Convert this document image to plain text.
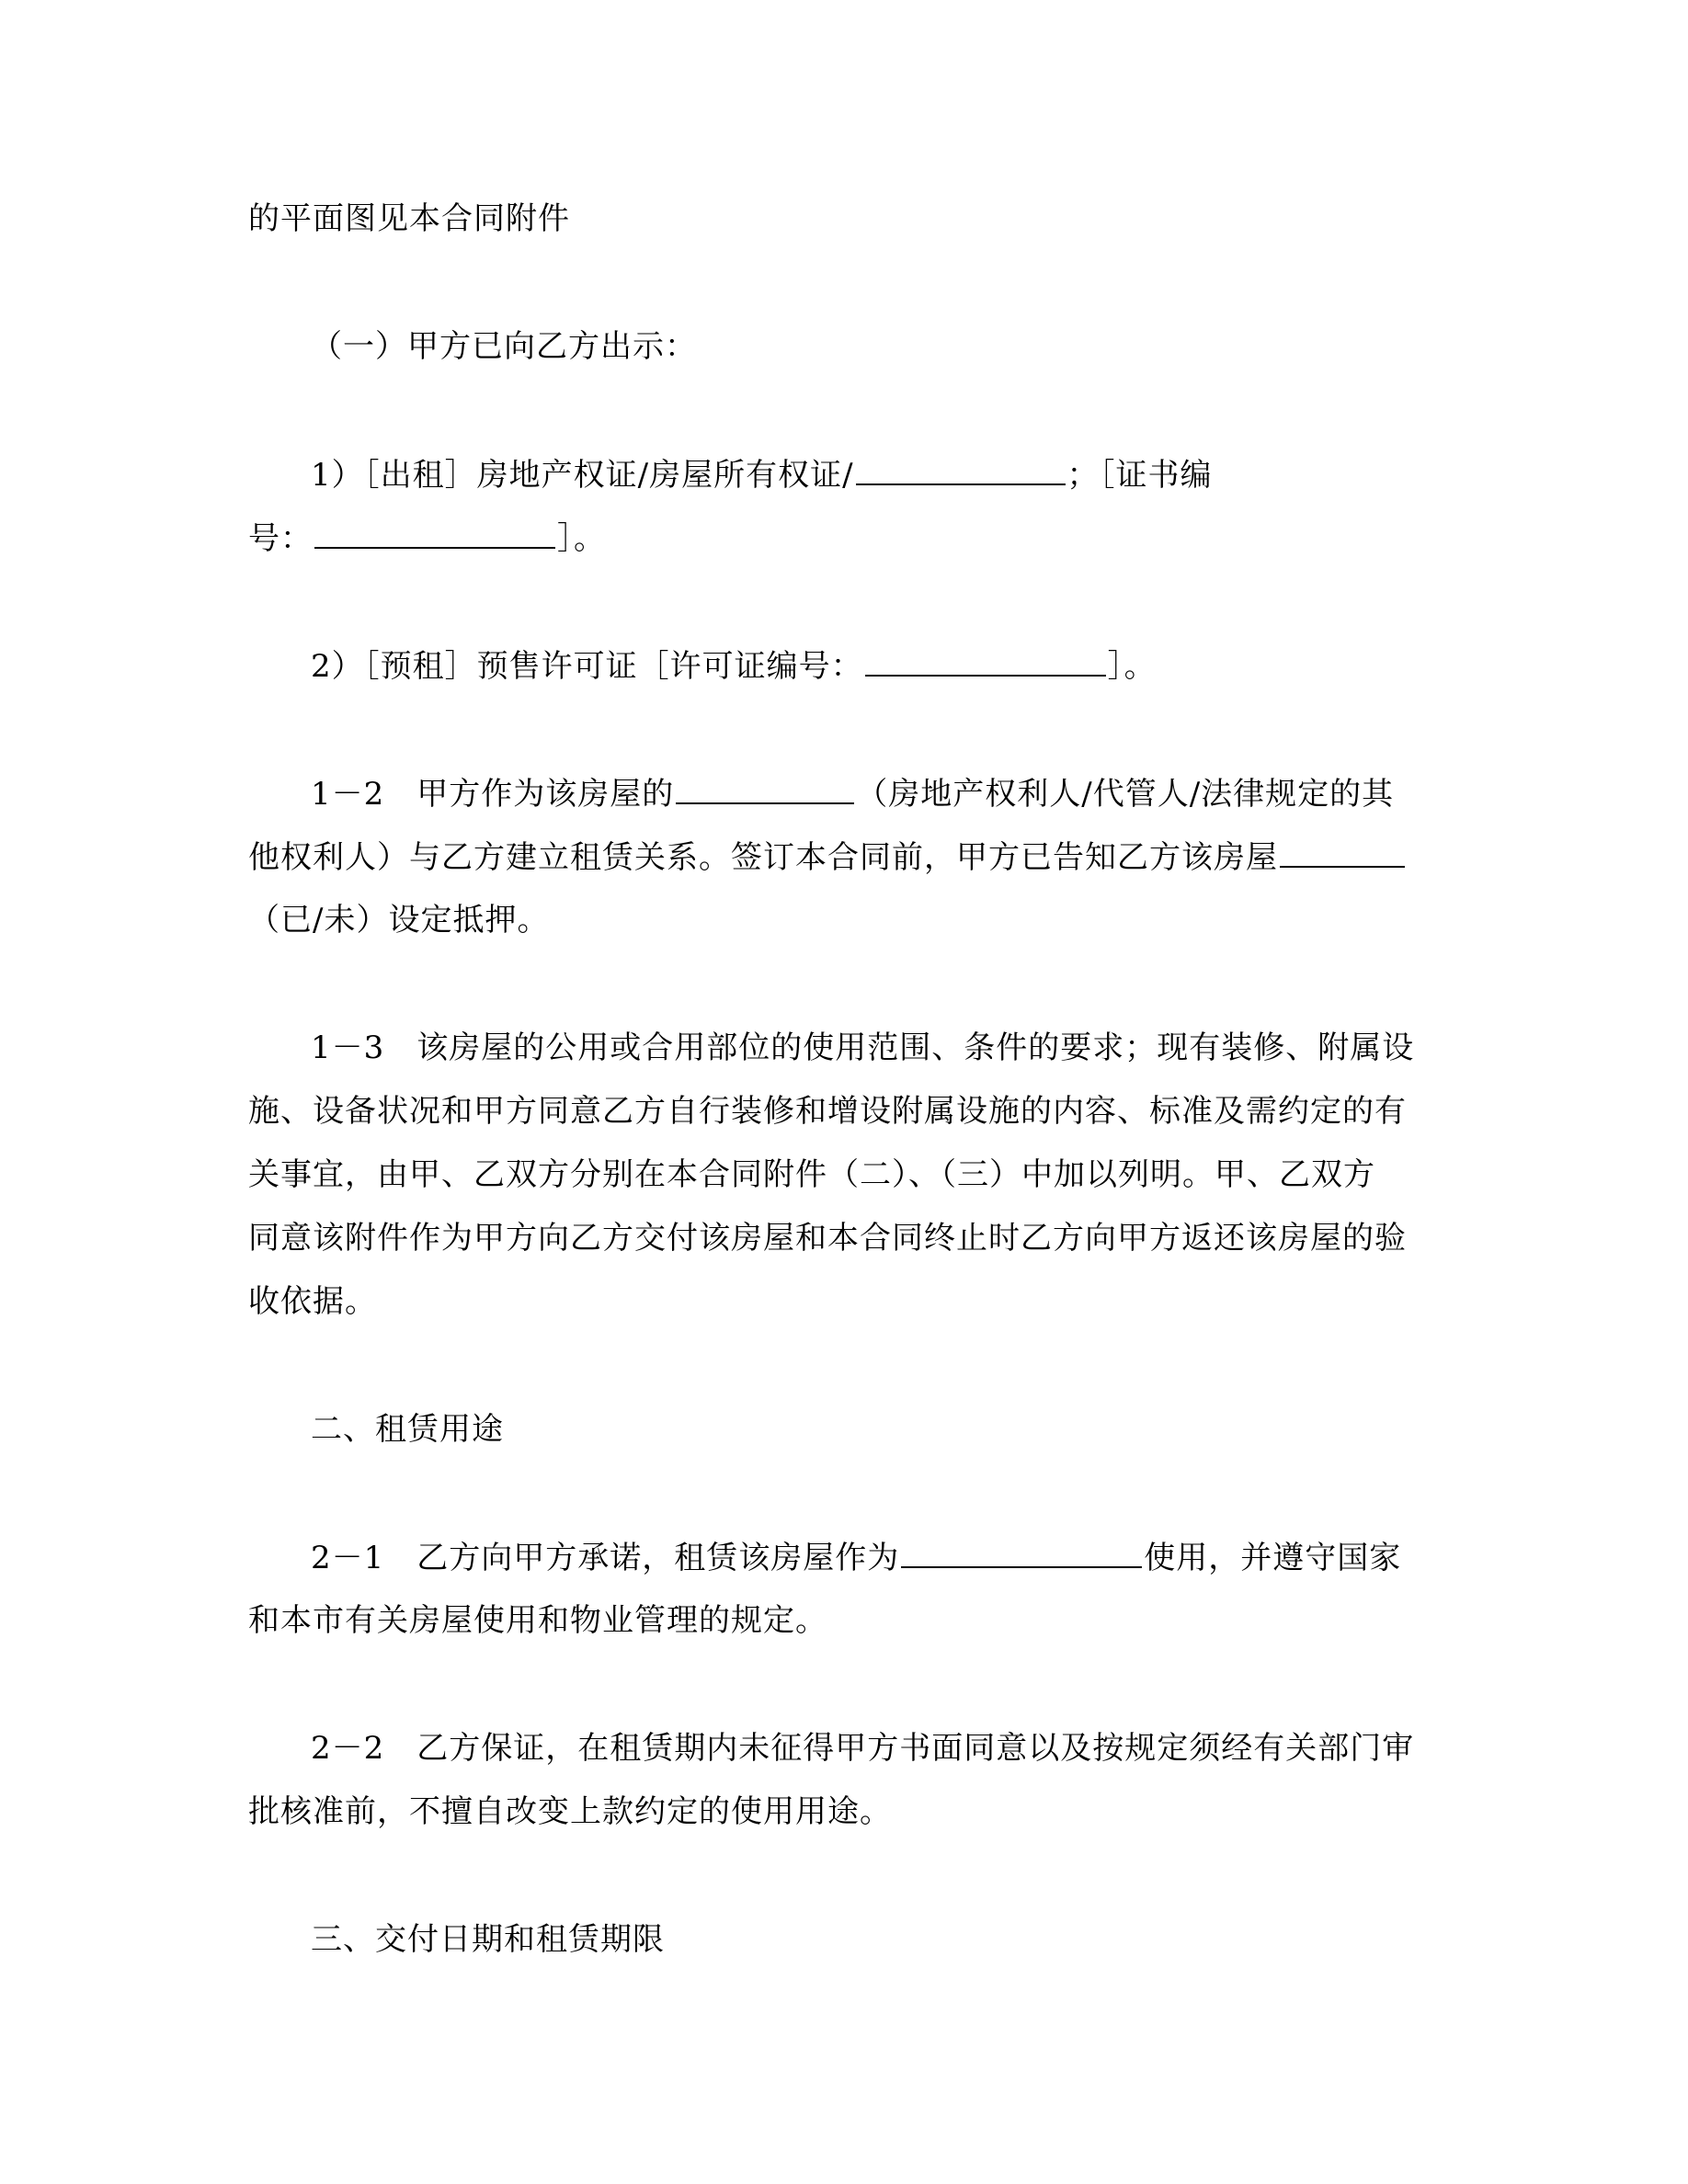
的平面图见本合同附件
（一）甲方已向乙方出示：
1）［出租］房地产权证/房屋所有权证/	；［证书编
号：	］。
2）［预租］预售许可证［许可证编号：	］。
1－2　甲方作为该房屋的	（房地产权利人/代管人/法律规定的其
他权利人）与乙方建立租赁关系。签订本合同前，甲方已告知乙方该房屋
（已/未）设定抵押。
1－3　该房屋的公用或合用部位的使用范围、条件的要求；现有装修、附属设
施、设备状况和甲方同意乙方自行装修和增设附属设施的内容、标准及需约定的有
关事宜，由甲、乙双方分别在本合同附件（二）、（三）中加以列明。甲、乙双方
同意该附件作为甲方向乙方交付该房屋和本合同终止时乙方向甲方返还该房屋的验
收依据。
二、租赁用途
2－1　乙方向甲方承诺，租赁该房屋作为	使用，并遵守国家
和本市有关房屋使用和物业管理的规定。
2－2　乙方保证，在租赁期内未征得甲方书面同意以及按规定须经有关部门审
批核准前，不擅自改变上款约定的使用用途。
三、交付日期和租赁期限
